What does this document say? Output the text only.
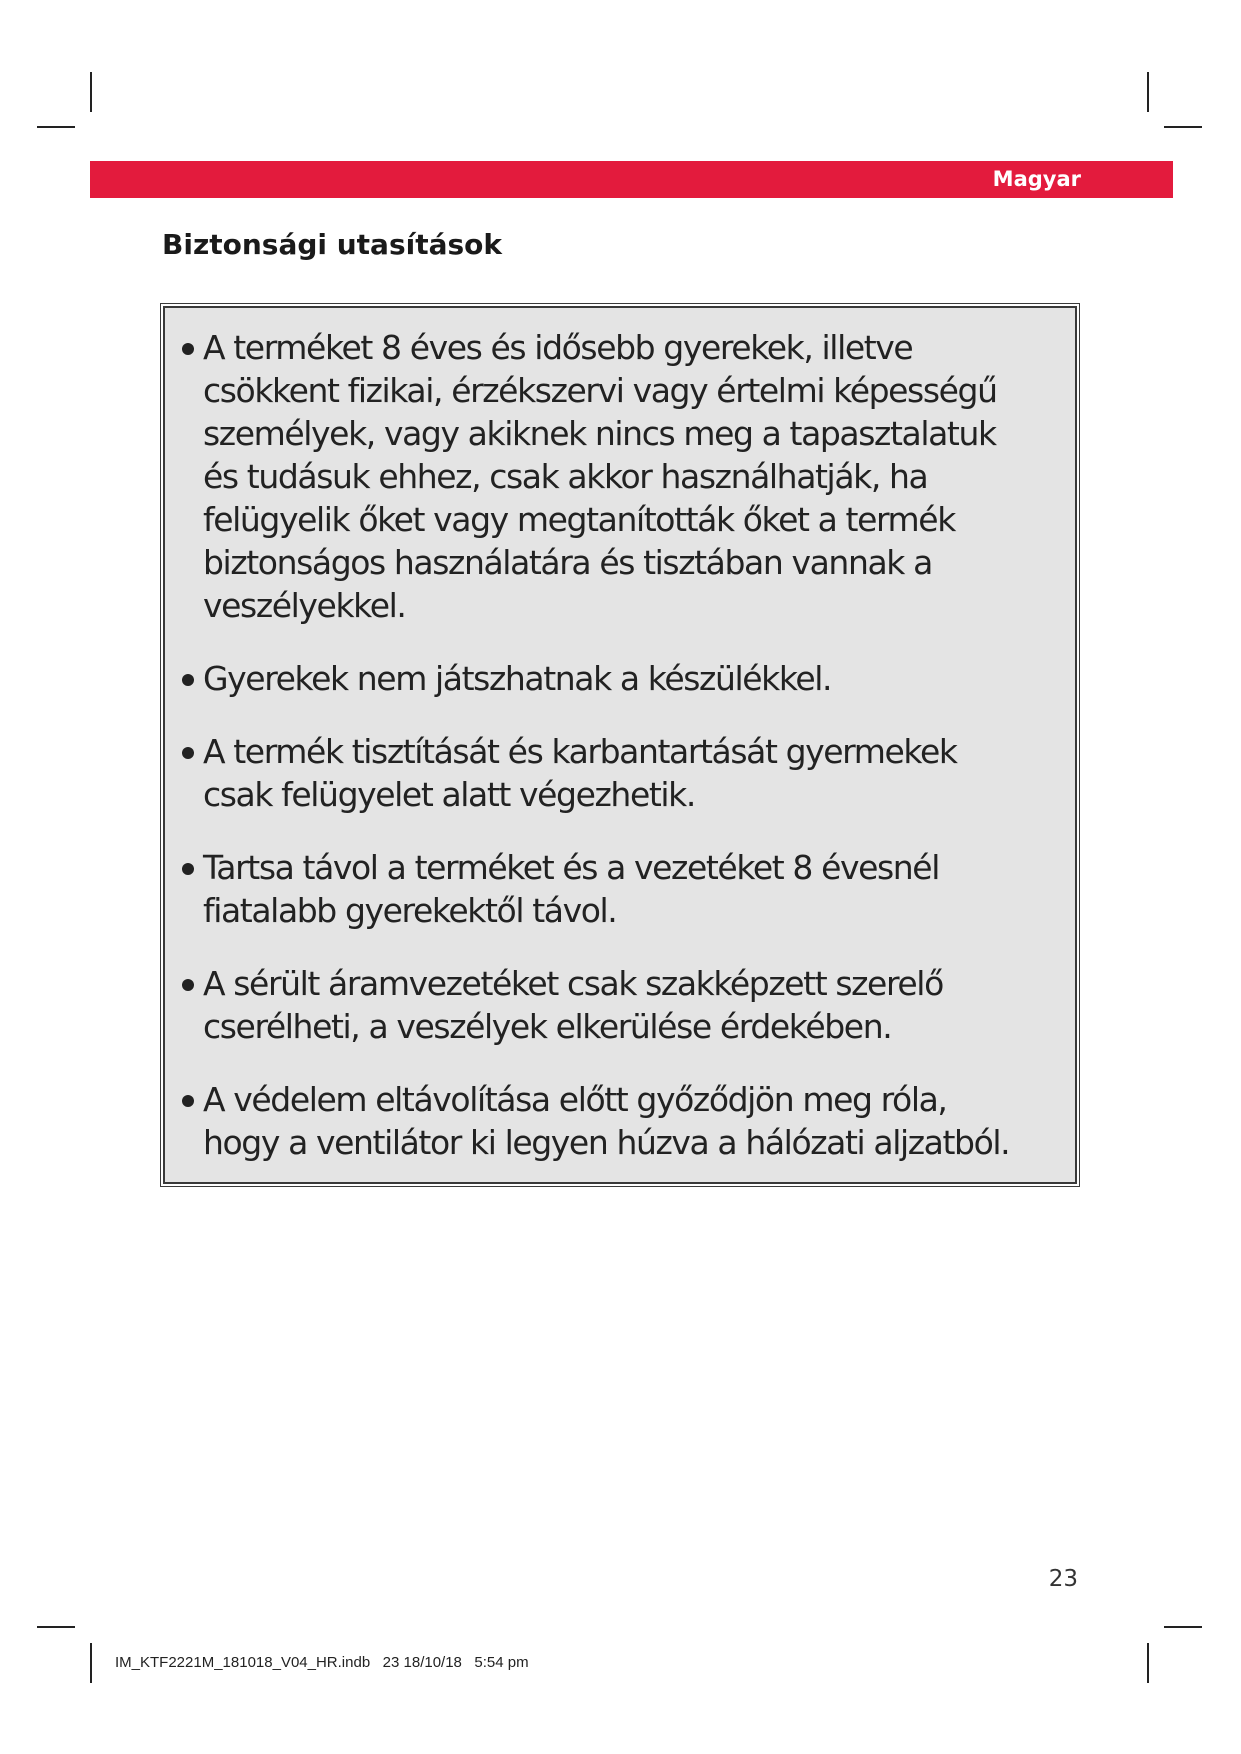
Magyar
Biztonsági utasítások
A terméket 8 éves és idősebb gyerekek, illetve
csökkent fizikai, érzékszervi vagy értelmi képességű
személyek, vagy akiknek nincs meg a tapasztalatuk
és tudásuk ehhez, csak akkor használhatják, ha
felügyelik őket vagy megtanították őket a termék
biztonságos használatára és tisztában vannak a
veszélyekkel.
Gyerekek nem játszhatnak a készülékkel.
A termék tisztítását és karbantartását gyermekek
csak felügyelet alatt végezhetik.
Tartsa távol a terméket és a vezetéket 8 évesnél
fiatalabb gyerekektől távol.
A sérült áramvezetéket csak szakképzett szerelő
cserélheti, a veszélyek elkerülése érdekében.
A védelem eltávolítása előtt győződjön meg róla,
hogy a ventilátor ki legyen húzva a hálózati aljzatból.
23
IM_KTF2221M_181018_V04_HR.indb   23 18/10/18   5:54 pm
